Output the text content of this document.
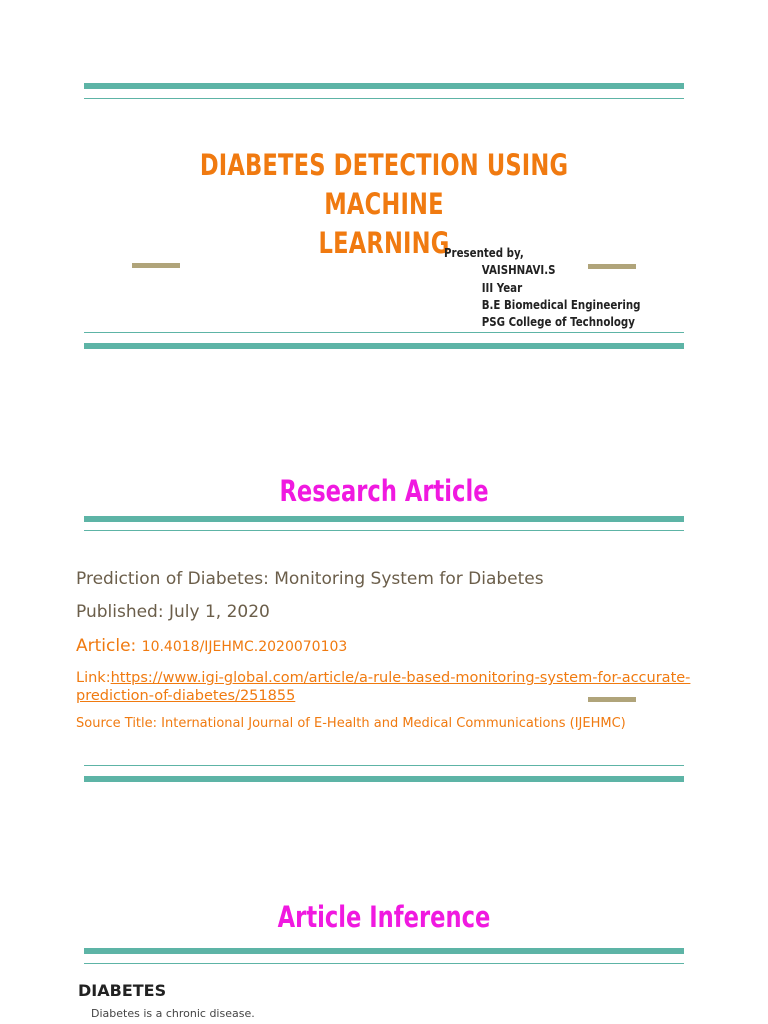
DIABETES DETECTION USING MACHINE
LEARNING
Presented by,
VAISHNAVI.S
III Year
B.E Biomedical Engineering
PSG College of Technology
Research Article
Prediction of Diabetes: Monitoring System for Diabetes
Published: July 1, 2020
Article: 10.4018/IJEHMC.2020070103
Link:https://www.igi-global.com/article/a-rule-based-monitoring-system-for-accurate-prediction-of-diabetes/251855
Source Title: International Journal of E-Health and Medical Communications (IJEHMC)
Article Inference
DIABETES
Diabetes is a chronic disease.
